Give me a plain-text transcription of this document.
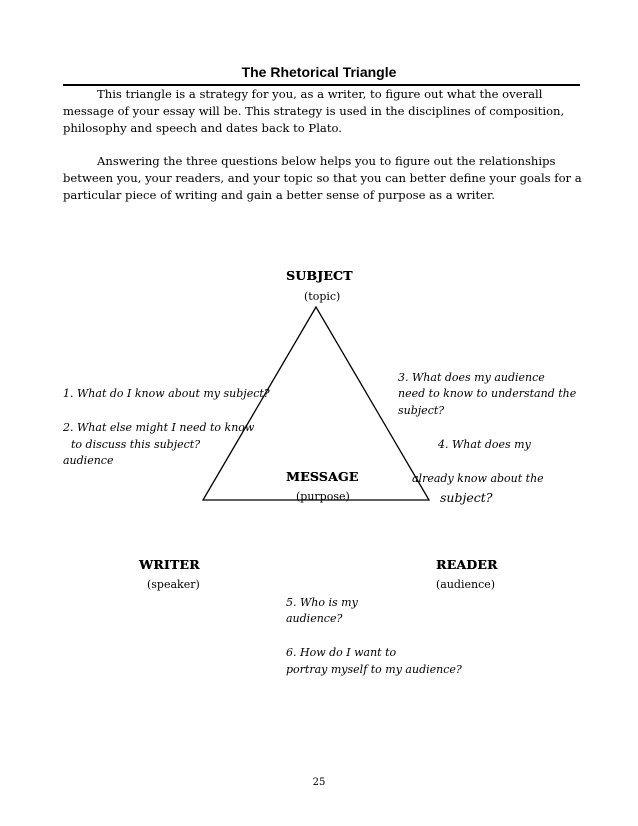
The Rhetorical Triangle

This triangle is a strategy for you, as a writer, to figure out what the overall message of your essay will be. This strategy is used in the disciplines of composition, philosophy and speech and dates back to Plato.

Answering the three questions below helps you to figure out the relationships between you, your readers, and your topic so that you can better define your goals for a particular piece of writing and gain a better sense of purpose as a writer.

SUBJECT
(topic)
MESSAGE
(purpose)
WRITER
(speaker)
READER
(audience)
1. What do I know about my subject?
2. What else might I need to know
to discuss this subject?
audience
3. What does my audience
need to know to understand the
subject?
4. What does my
already know about the
subject?
5. Who is my
audience?
6. How do I want to
portray myself to my audience?
25
